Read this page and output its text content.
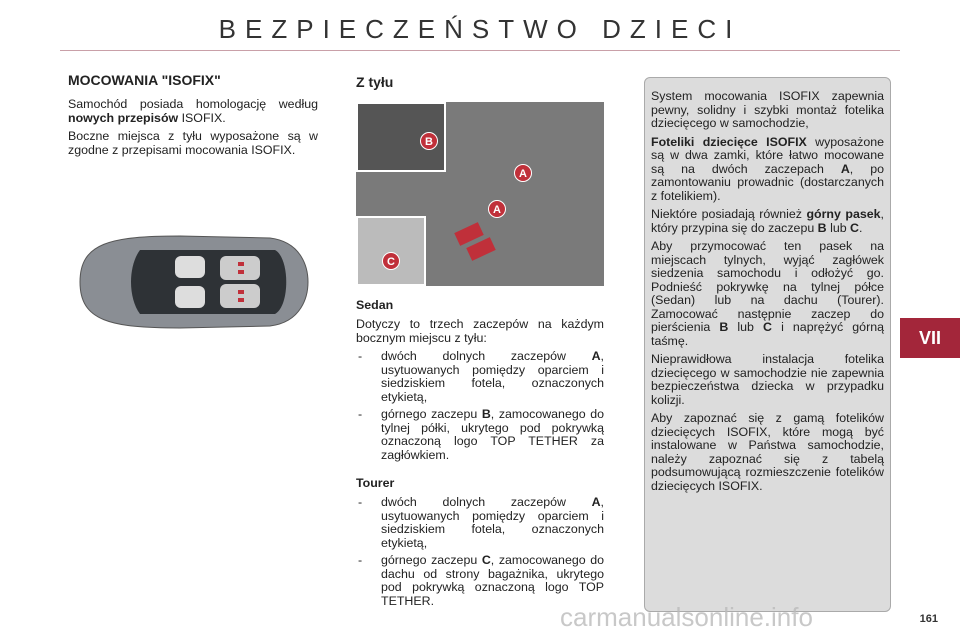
BEZPIECZEŃSTWO DZIECI
MOCOWANIA "ISOFIX"

Samochód posiada homologację według nowych przepisów ISOFIX.

Boczne miejsca z tyłu wyposażone są w zgodne z przepisami mocowania ISOFIX.

Z tyłu
B
A
A
C
Sedan

Dotyczy to trzech zaczepów na każdym bocznym miejscu z tyłu:

-	dwóch dolnych zaczepów A, usytuowanych pomiędzy oparciem i siedziskiem fotela, oznaczonych etykietą,
-	górnego zaczepu B, zamocowanego do tylnej półki, ukrytego pod pokrywką oznaczoną logo TOP TETHER za zagłówkiem.
Tourer
-	dwóch dolnych zaczepów A, usytuowanych pomiędzy oparciem i siedziskiem fotela, oznaczonych etykietą,
-	górnego zaczepu C, zamocowanego do dachu od strony bagażnika, ukrytego pod pokrywką oznaczoną logo TOP TETHER.

System mocowania ISOFIX zapewnia pewny, solidny i szybki montaż fotelika dziecięcego w samochodzie,

Foteliki dziecięce ISOFIX wyposażone są w dwa zamki, które łatwo mocowane są na dwóch zaczepach A, po zamontowaniu prowadnic (dostarczanych z fotelikiem).

Niektóre posiadają również górny pasek, który przypina się do zaczepu B lub C.

Aby przymocować ten pasek na miejscach tylnych, wyjąć zagłówek siedzenia samochodu i odłożyć go. Podnieść pokrywkę na tylnej półce (Sedan) lub na dachu (Tourer). Zamocować następnie zaczep do pierścienia B lub C i naprężyć górną taśmę.

Nieprawidłowa instalacja fotelika dziecięcego w samochodzie nie zapewnia bezpieczeństwa dziecka w przypadku kolizji.

Aby zapoznać się z gamą fotelików dziecięcych ISOFIX, które mogą być instalowane w Państwa samochodzie, należy zapoznać się z tabelą podsumowującą rozmieszczenie fotelików dziecięcych ISOFIX.

VII
carmanualsonline.info	161
